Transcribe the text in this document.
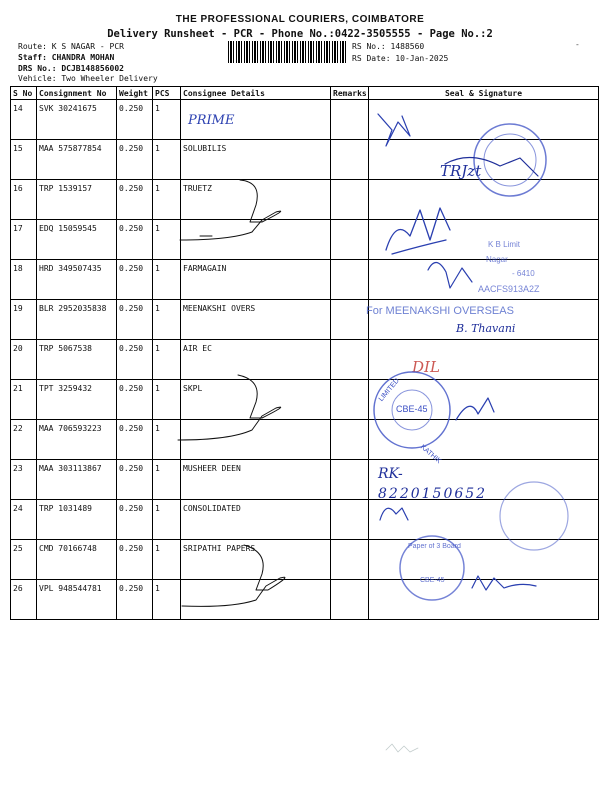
THE PROFESSIONAL COURIERS, COIMBATORE
Delivery Runsheet - PCR - Phone No.:0422-3505555 - Page No.:2
Route: K S NAGAR - PCR
Staff: CHANDRA MOHAN
DRS No.: DCJB148856002
Vehicle: Two Wheeler Delivery
RS No.: 1488560
RS Date: 10-Jan-2025
-
S No	Consignment No	Weight	PCS	Consignee Details	Remarks	Seal & Signature
14	SVK 30241675	0.250	1			
15	MAA 575877854	0.250	1	SOLUBILIS		
16	TRP 1539157	0.250	1	TRUETZ		
17	EDQ 15059545	0.250	1			
18	HRD 349507435	0.250	1	FARMAGAIN		
19	BLR 2952035838	0.250	1	MEENAKSHI OVERS		
20	TRP 5067538	0.250	1	AIR EC		
21	TPT 3259432	0.250	1	SKPL		
22	MAA 706593223	0.250	1			
23	MAA 303113867	0.250	1	MUSHEER DEEN		
24	TRP 1031489	0.250	1	CONSOLIDATED		
25	CMD 70166748	0.250	1	SRIPATHI PAPERS		
26	VPL 948544781	0.250	1			
PRIME
TRJzt
K B Limit
Nagar
- 6410
AACFS913A2Z
For MEENAKSHI OVERSEAS
B. Thavani
DIL
CBE-45
LIMITED
KATHIK
RK-
8220150652
Paper of 3 Board
CBE-45
